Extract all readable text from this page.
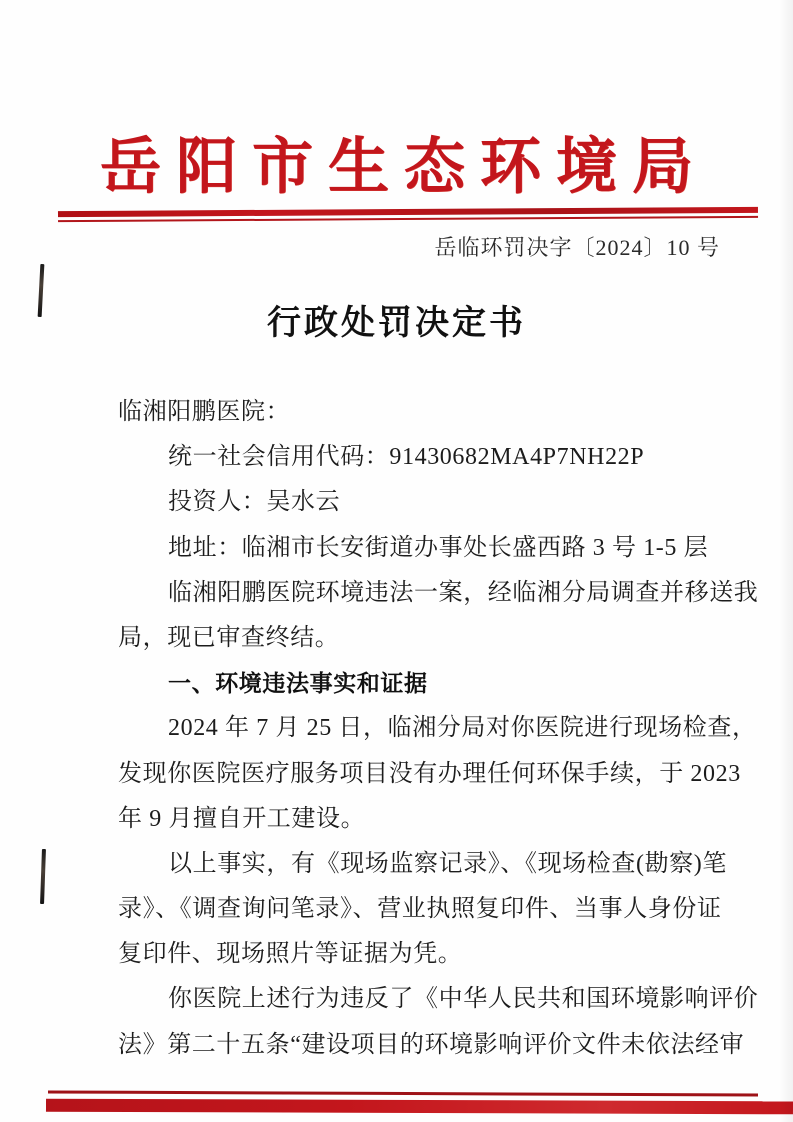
岳阳市生态环境局
岳临环罚决字〔2024〕10 号
行政处罚决定书
临湘阳鹏医院：
统一社会信用代码：91430682MA4P7NH22P
投资人：吴水云
地址：临湘市长安街道办事处长盛西路 3 号 1-5 层
临湘阳鹏医院环境违法一案，经临湘分局调查并移送我
局，现已审查终结。
一、环境违法事实和证据
2024 年 7 月 25 日，临湘分局对你医院进行现场检查，
发现你医院医疗服务项目没有办理任何环保手续，于 2023
年 9 月擅自开工建设。
以上事实，有《现场监察记录》、《现场检查(勘察)笔
录》、《调查询问笔录》、营业执照复印件、当事人身份证
复印件、现场照片等证据为凭。
你医院上述行为违反了《中华人民共和国环境影响评价
法》第二十五条“建设项目的环境影响评价文件未依法经审
